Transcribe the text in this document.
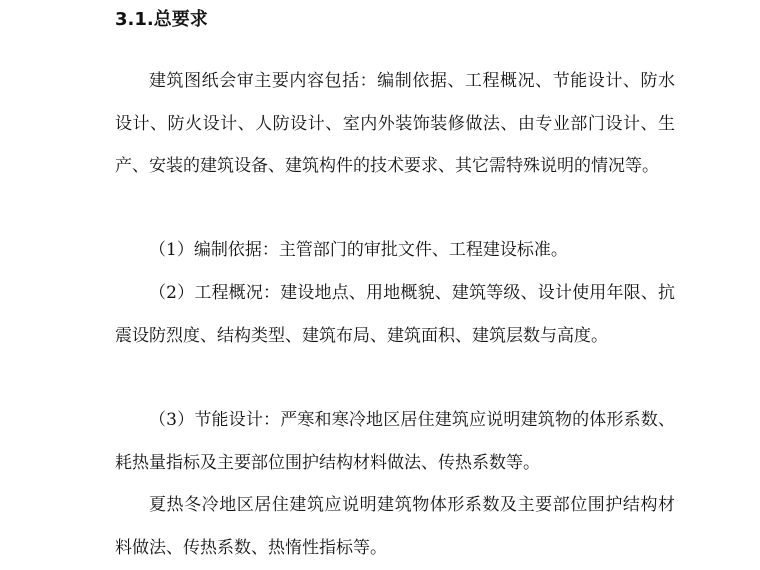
3.1.总要求

建筑图纸会审主要内容包括：编制依据、工程概况、节能设计、防水设计、防火设计、人防设计、室内外装饰装修做法、由专业部门设计、生产、安装的建筑设备、建筑构件的技术要求、其它需特殊说明的情况等。

（1）编制依据：主管部门的审批文件、工程建设标准。

（2）工程概况：建设地点、用地概貌、建筑等级、设计使用年限、抗震设防烈度、结构类型、建筑布局、建筑面积、建筑层数与高度。

（3）节能设计：严寒和寒冷地区居住建筑应说明建筑物的体形系数、耗热量指标及主要部位围护结构材料做法、传热系数等。

夏热冬冷地区居住建筑应说明建筑物体形系数及主要部位围护结构材料做法、传热系数、热惰性指标等。
